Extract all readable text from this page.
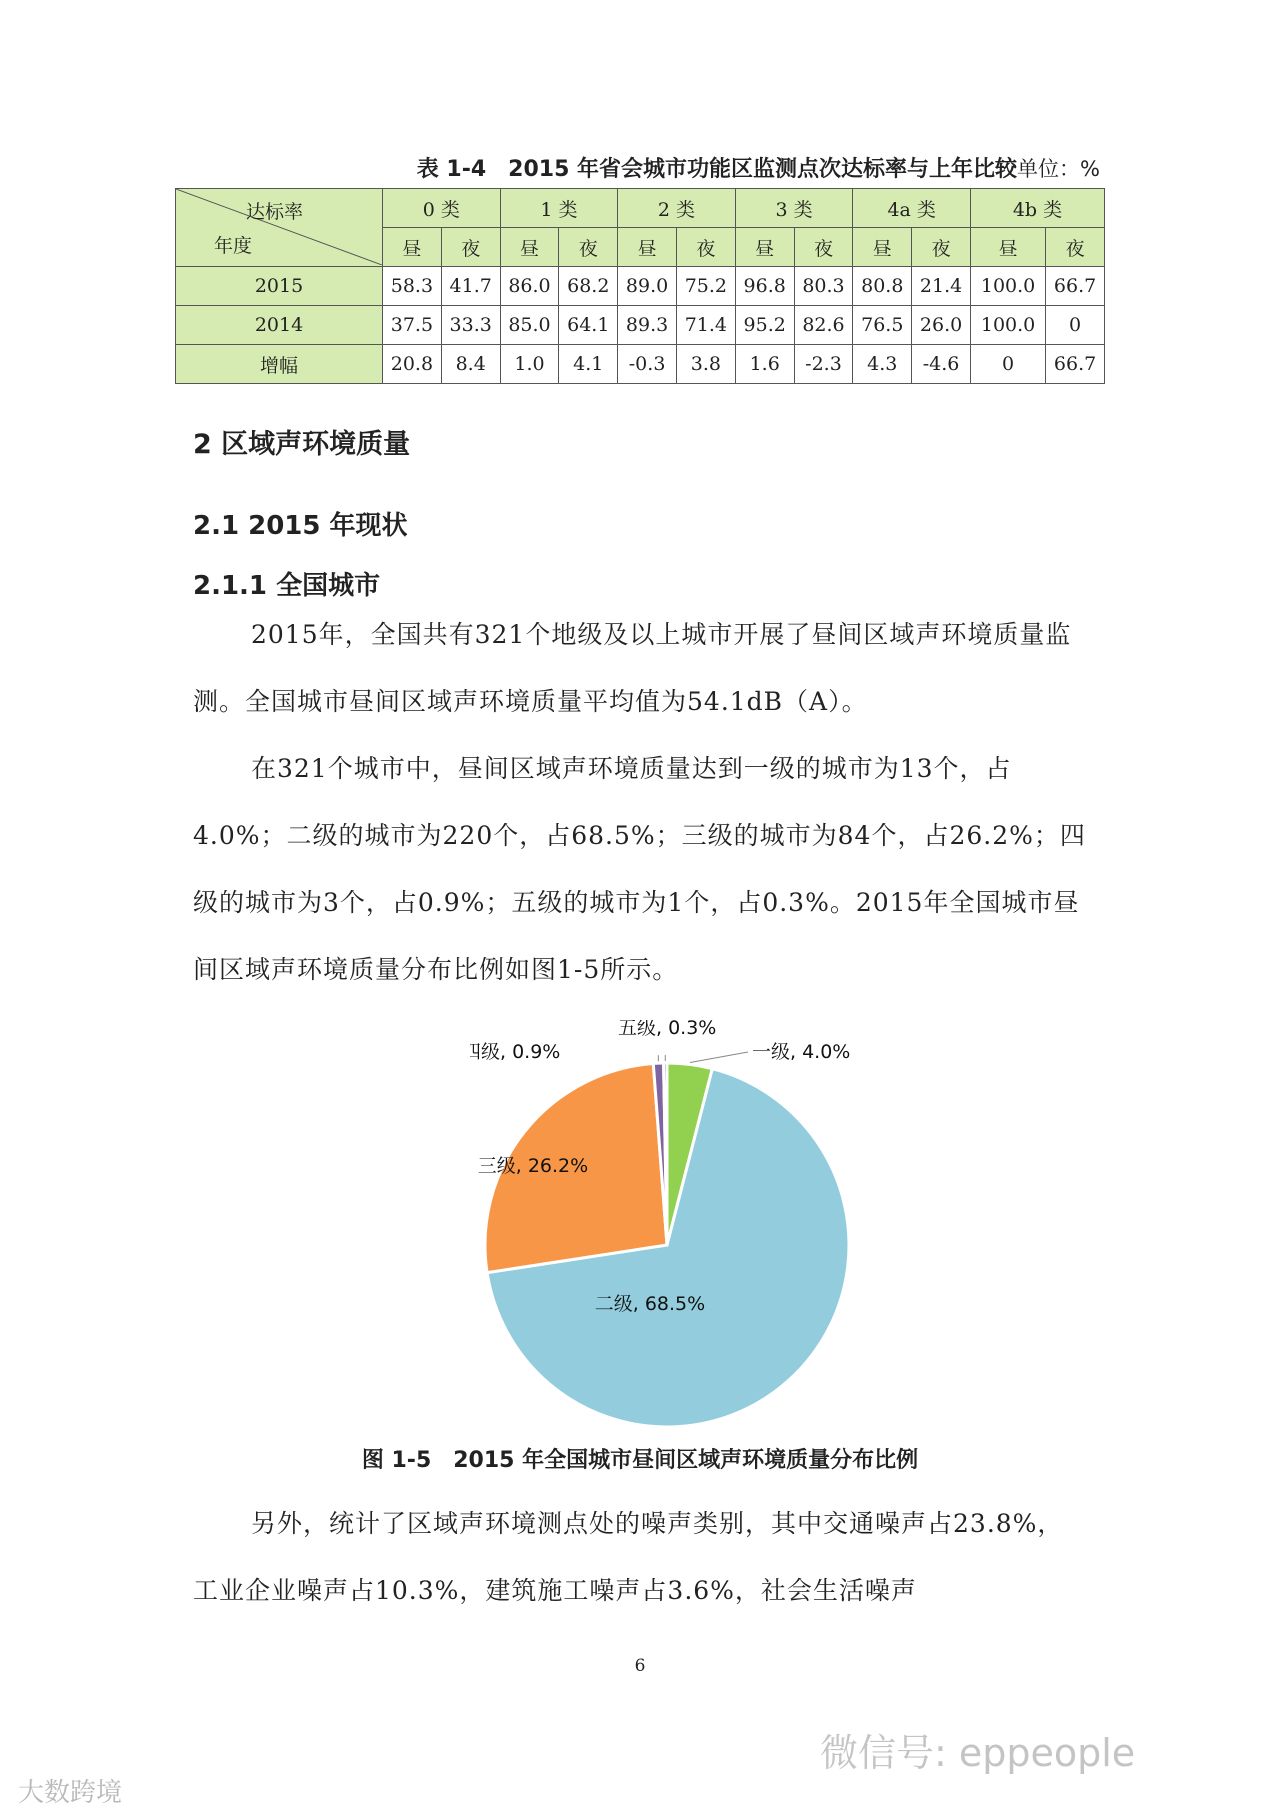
表 1-4　2015 年省会城市功能区监测点次达标率与上年比较单位：%
达标率
年度	0 类		1 类		2 类		3 类		4a 类		4b 类	
	昼	夜	昼	夜	昼	夜	昼	夜	昼	夜	昼	夜
2015	58.3	41.7	86.0	68.2	89.0	75.2	96.8	80.3	80.8	21.4	100.0	66.7
2014	37.5	33.3	85.0	64.1	89.3	71.4	95.2	82.6	76.5	26.0	100.0	0
增幅	20.8	8.4	1.0	4.1	-0.3	3.8	1.6	-2.3	4.3	-4.6	0	66.7
2 区域声环境质量
2.1 2015 年现状
2.1.1 全国城市
2015年，全国共有321个地级及以上城市开展了昼间区域声环境质量监测。全国城市昼间区域声环境质量平均值为54.1dB（A）。
在321个城市中，昼间区域声环境质量达到一级的城市为13个，占4.0%；二级的城市为220个，占68.5%；三级的城市为84个，占26.2%；四级的城市为3个，占0.9%；五级的城市为1个，占0.3%。2015年全国城市昼间区域声环境质量分布比例如图1-5所示。
一级, 4.0%
二级, 68.5%
三级, 26.2%
四级, 0.9%
五级, 0.3%
图 1-5　2015 年全国城市昼间区域声环境质量分布比例
另外，统计了区域声环境测点处的噪声类别，其中交通噪声占23.8%，工业企业噪声占10.3%，建筑施工噪声占3.6%，社会生活噪声
6
微信号: eppeople
大数跨境
